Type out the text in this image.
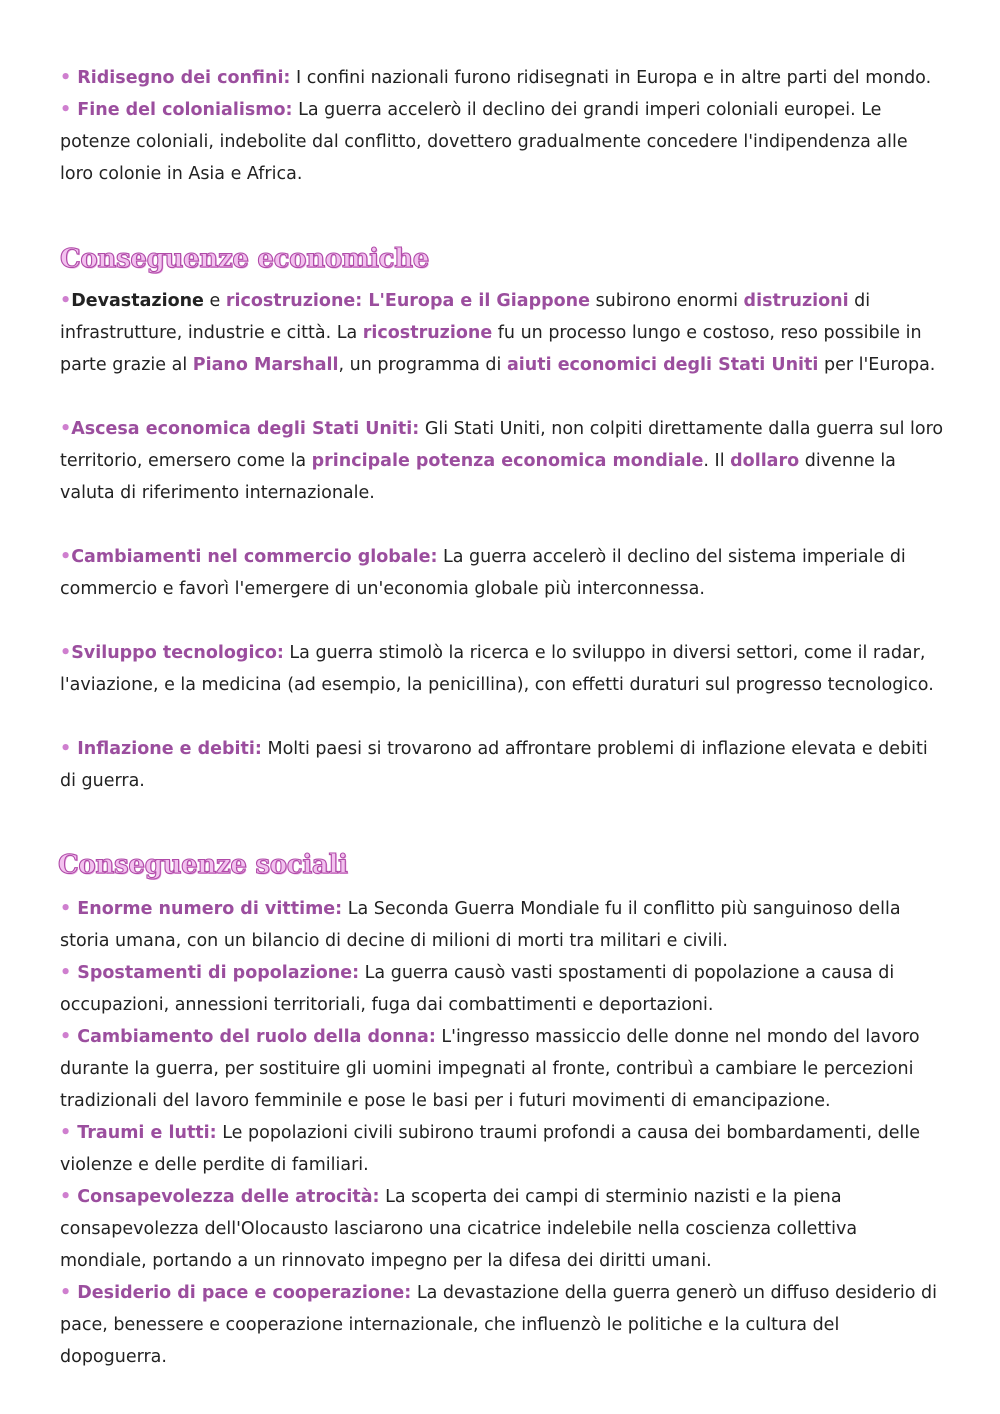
• Ridisegno dei confini: I confini nazionali furono ridisegnati in Europa e in altre parti del mondo.
• Fine del colonialismo: La guerra accelerò il declino dei grandi imperi coloniali europei. Le potenze coloniali, indebolite dal conflitto, dovettero gradualmente concedere l'indipendenza alle loro colonie in Asia e Africa.
Conseguenze economiche
•Devastazione e ricostruzione: L'Europa e il Giappone subirono enormi distruzioni di infrastrutture, industrie e città. La ricostruzione fu un processo lungo e costoso, reso possibile in parte grazie al Piano Marshall, un programma di aiuti economici degli Stati Uniti per l'Europa.
•Ascesa economica degli Stati Uniti: Gli Stati Uniti, non colpiti direttamente dalla guerra sul loro territorio, emersero come la principale potenza economica mondiale. Il dollaro divenne la valuta di riferimento internazionale.
•Cambiamenti nel commercio globale: La guerra accelerò il declino del sistema imperiale di commercio e favorì l'emergere di un'economia globale più interconnessa.
•Sviluppo tecnologico: La guerra stimolò la ricerca e lo sviluppo in diversi settori, come il radar, l'aviazione, e la medicina (ad esempio, la penicillina), con effetti duraturi sul progresso tecnologico.
• Inflazione e debiti: Molti paesi si trovarono ad affrontare problemi di inflazione elevata e debiti di guerra.
Conseguenze sociali
• Enorme numero di vittime: La Seconda Guerra Mondiale fu il conflitto più sanguinoso della storia umana, con un bilancio di decine di milioni di morti tra militari e civili.
• Spostamenti di popolazione: La guerra causò vasti spostamenti di popolazione a causa di occupazioni, annessioni territoriali, fuga dai combattimenti e deportazioni.
• Cambiamento del ruolo della donna: L'ingresso massiccio delle donne nel mondo del lavoro durante la guerra, per sostituire gli uomini impegnati al fronte, contribuì a cambiare le percezioni tradizionali del lavoro femminile e pose le basi per i futuri movimenti di emancipazione.
• Traumi e lutti: Le popolazioni civili subirono traumi profondi a causa dei bombardamenti, delle violenze e delle perdite di familiari.
• Consapevolezza delle atrocità: La scoperta dei campi di sterminio nazisti e la piena consapevolezza dell'Olocausto lasciarono una cicatrice indelebile nella coscienza collettiva mondiale, portando a un rinnovato impegno per la difesa dei diritti umani.
• Desiderio di pace e cooperazione: La devastazione della guerra generò un diffuso desiderio di pace, benessere e cooperazione internazionale, che influenzò le politiche e la cultura del dopoguerra.
